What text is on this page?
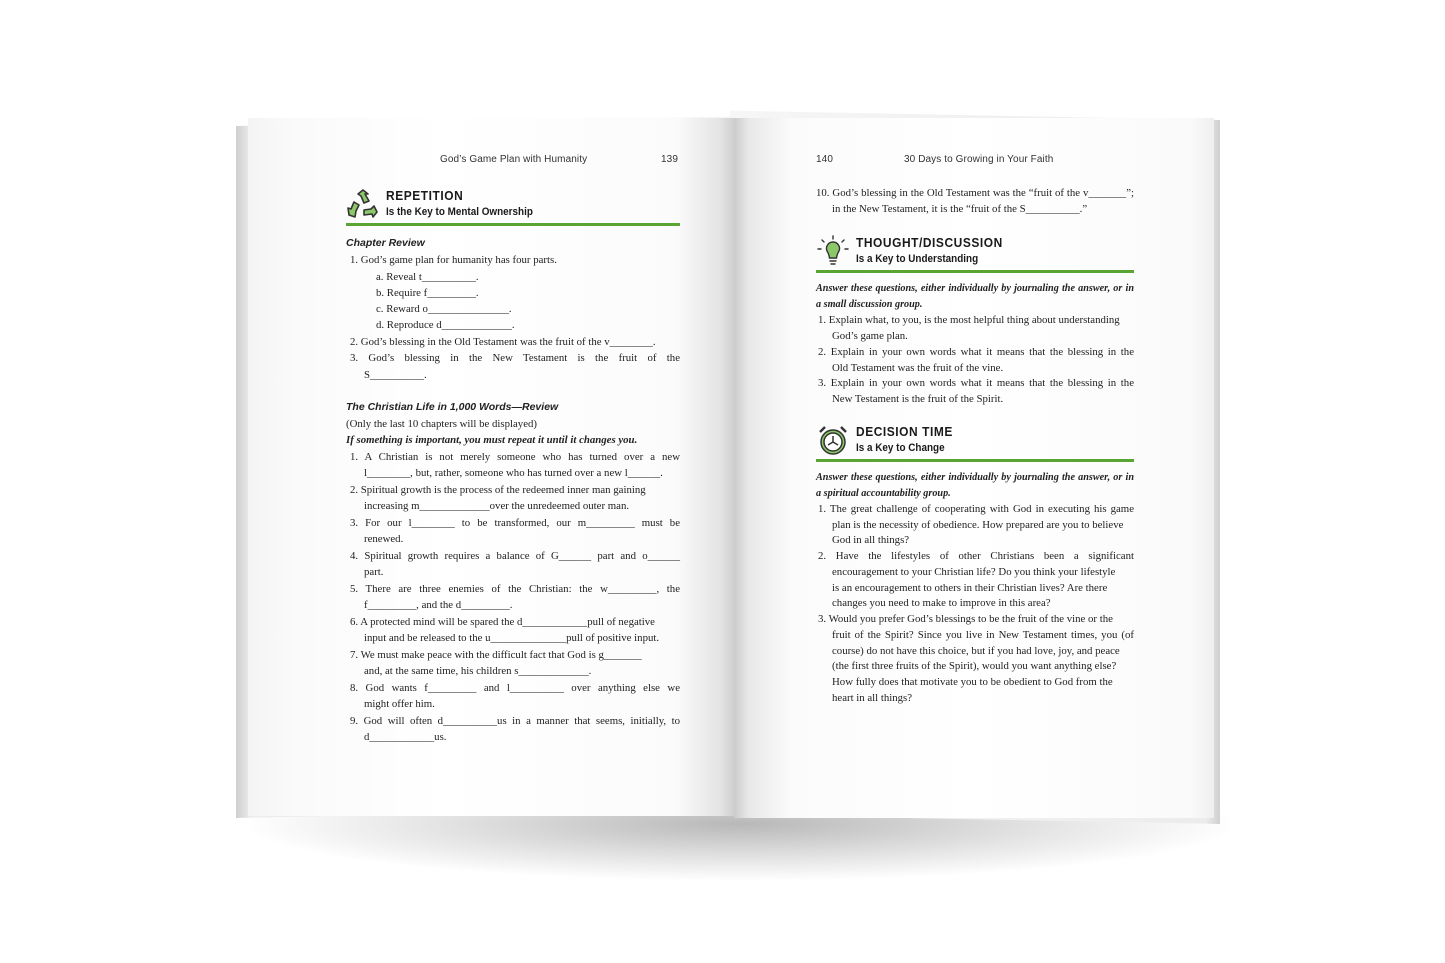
God’s Game Plan with Humanity	139
REPETITION
Is the Key to Mental Ownership
Chapter Review
1. God’s game plan for humanity has four parts.
a. Reveal t__________.
b. Require f_________.
c. Reward o_______________.
d. Reproduce d_____________.
2. God’s blessing in the Old Testament was the fruit of the v________.
3. God’s blessing in the New Testament is the fruit of the
S__________.
The Christian Life in 1,000 Words—Review
(Only the last 10 chapters will be displayed)
If something is important, you must repeat it until it changes you.
1. A Christian is not merely someone who has turned over a new
l________, but, rather, someone who has turned over a new l______.
2. Spiritual growth is the process of the redeemed inner man gaining
increasing m_____________over the unredeemed outer man.
3. For our l________ to be transformed, our m_________ must be
renewed.
4. Spiritual growth requires a balance of G______ part and o______
part.
5. There are three enemies of the Christian: the w_________, the
f_________, and the d_________.
6. A protected mind will be spared the d____________pull of negative
input and be released to the u______________pull of positive input.
7. We must make peace with the difficult fact that God is g_______
and, at the same time, his children s_____________.
8. God wants f_________ and l__________ over anything else we
might offer him.
9. God will often d__________us in a manner that seems, initially, to
d____________us.
140	30 Days to Growing in Your Faith
10. God’s blessing in the Old Testament was the “fruit of the v_______”;
in the New Testament, it is the “fruit of the S__________.”
THOUGHT/DISCUSSION
Is a Key to Understanding
Answer these questions, either individually by journaling the answer, or in
a small discussion group.
1. Explain what, to you, is the most helpful thing about understanding
God’s game plan.
2. Explain in your own words what it means that the blessing in the
Old Testament was the fruit of the vine.
3. Explain in your own words what it means that the blessing in the
New Testament is the fruit of the Spirit.
DECISION TIME
Is a Key to Change
Answer these questions, either individually by journaling the answer, or in
a spiritual accountability group.
1. The great challenge of cooperating with God in executing his game
plan is the necessity of obedience. How prepared are you to believe
God in all things?
2. Have the lifestyles of other Christians been a significant
encouragement to your Christian life? Do you think your lifestyle
is an encouragement to others in their Christian lives? Are there
changes you need to make to improve in this area?
3. Would you prefer God’s blessings to be the fruit of the vine or the
fruit of the Spirit? Since you live in New Testament times, you (of
course) do not have this choice, but if you had love, joy, and peace
(the first three fruits of the Spirit), would you want anything else?
How fully does that motivate you to be obedient to God from the
heart in all things?
